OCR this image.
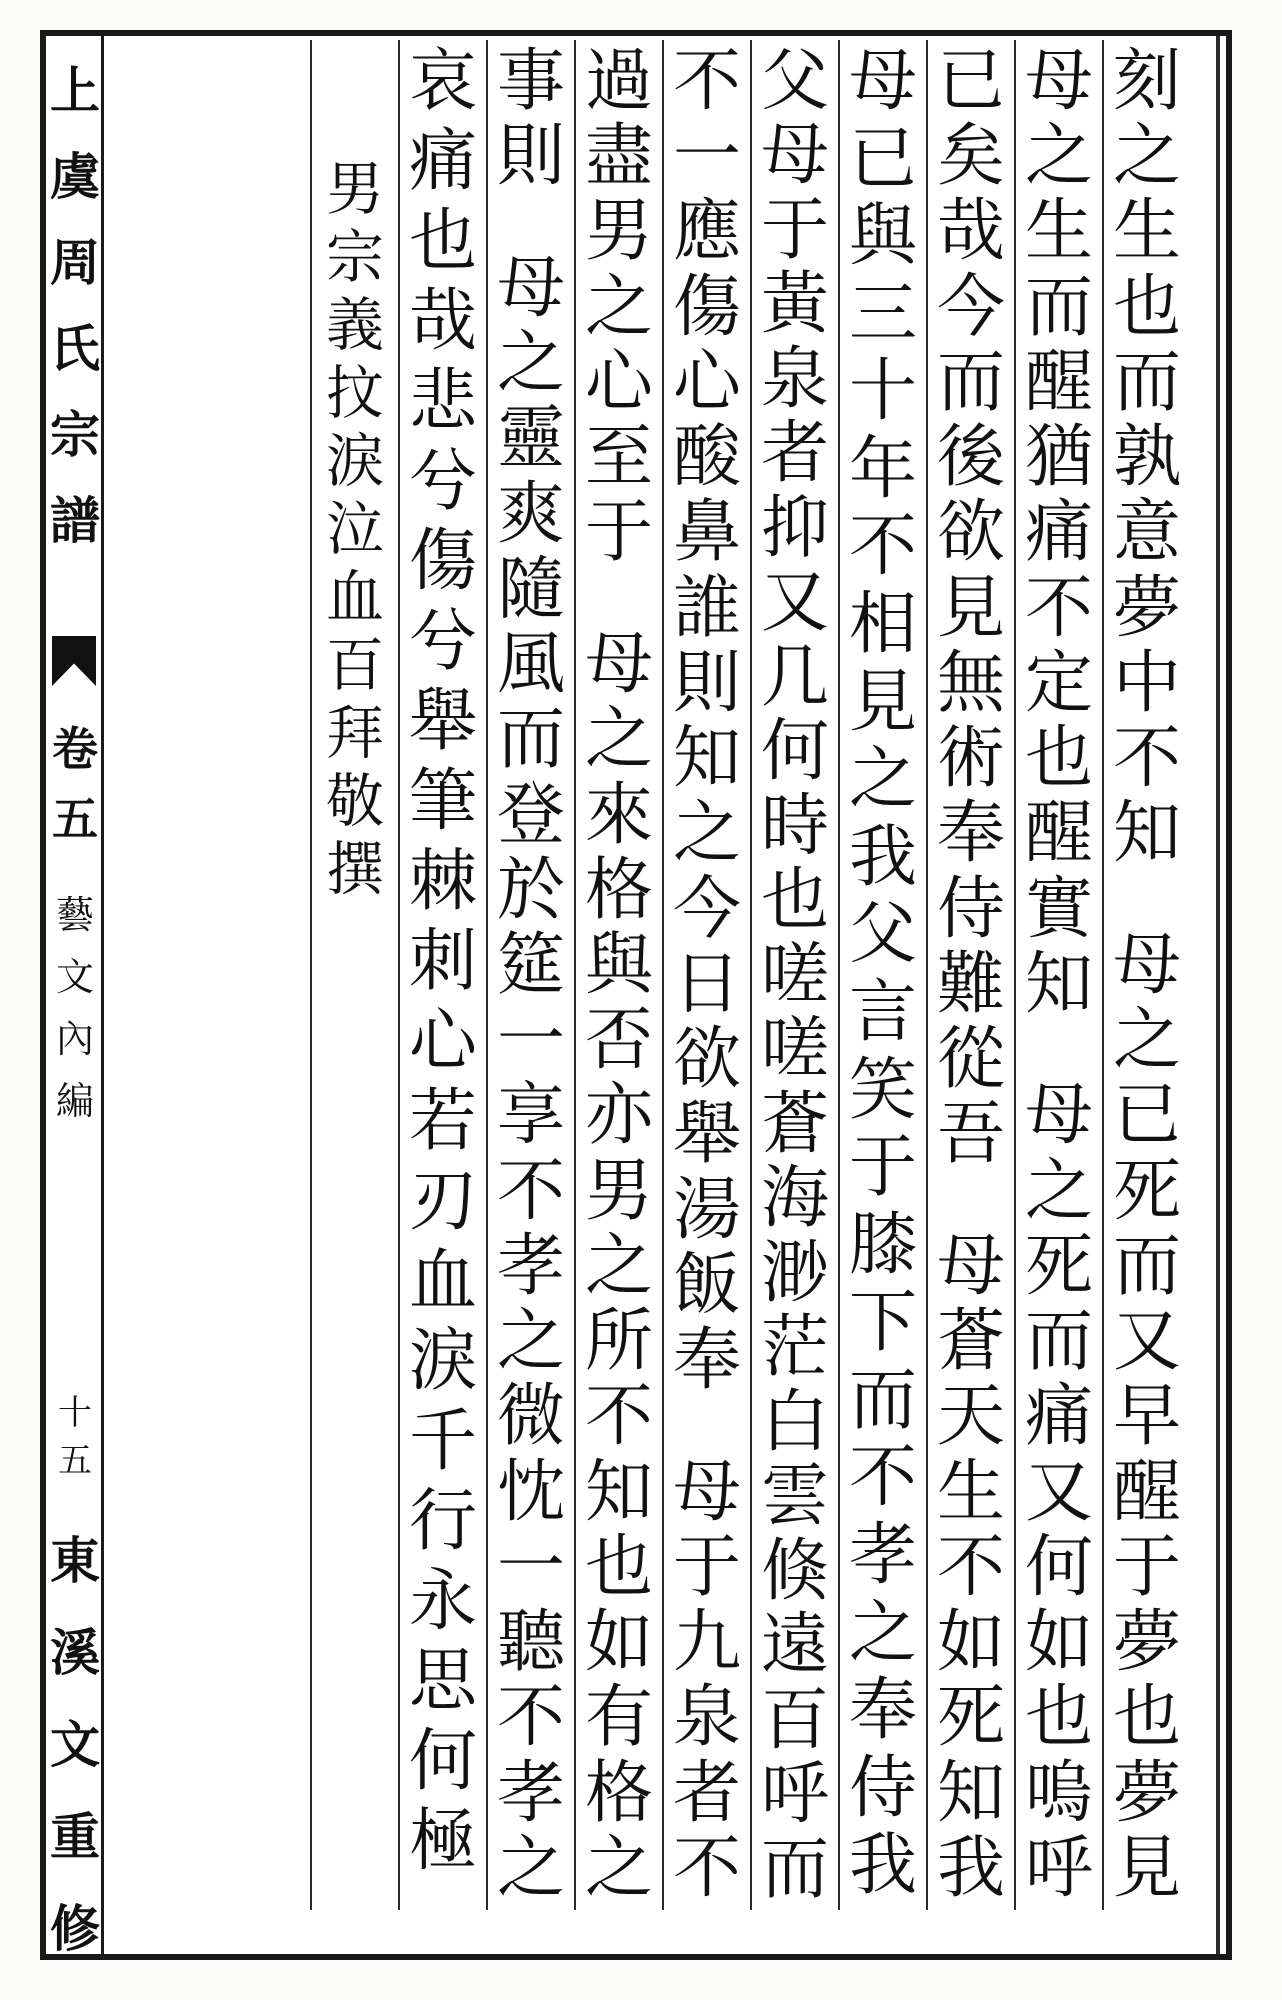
上
虞
周
氏
宗
譜
卷
五
藝
文
內
編
十
五
東
溪
文
重
修
刻
之
生
也
而
孰
意
夢
中
不
知
母
之
已
死
而
又
早
醒
于
夢
也
夢
見
母
之
生
而
醒
猶
痛
不
定
也
醒
實
知
母
之
死
而
痛
又
何
如
也
嗚
呼
已
矣
哉
今
而
後
欲
見
無
術
奉
侍
難
從
吾
母
蒼
天
生
不
如
死
知
我
母
已
與
三
十
年
不
相
見
之
我
父
言
笑
于
膝
下
而
不
孝
之
奉
侍
我
父
母
于
黃
泉
者
抑
又
几
何
時
也
嗟
嗟
蒼
海
渺
茫
白
雲
倏
遠
百
呼
而
不
一
應
傷
心
酸
鼻
誰
則
知
之
今
日
欲
舉
湯
飯
奉
母
于
九
泉
者
不
過
盡
男
之
心
至
于
母
之
來
格
與
否
亦
男
之
所
不
知
也
如
有
格
之
事
則
母
之
靈
爽
隨
風
而
登
於
筵
一
享
不
孝
之
微
忱
一
聽
不
孝
之
哀
痛
也
哉
悲
兮
傷
兮
舉
筆
棘
刺
心
若
刃
血
淚
千
行
永
思
何
極
男
宗
義
抆
淚
泣
血
百
拜
敬
撰
